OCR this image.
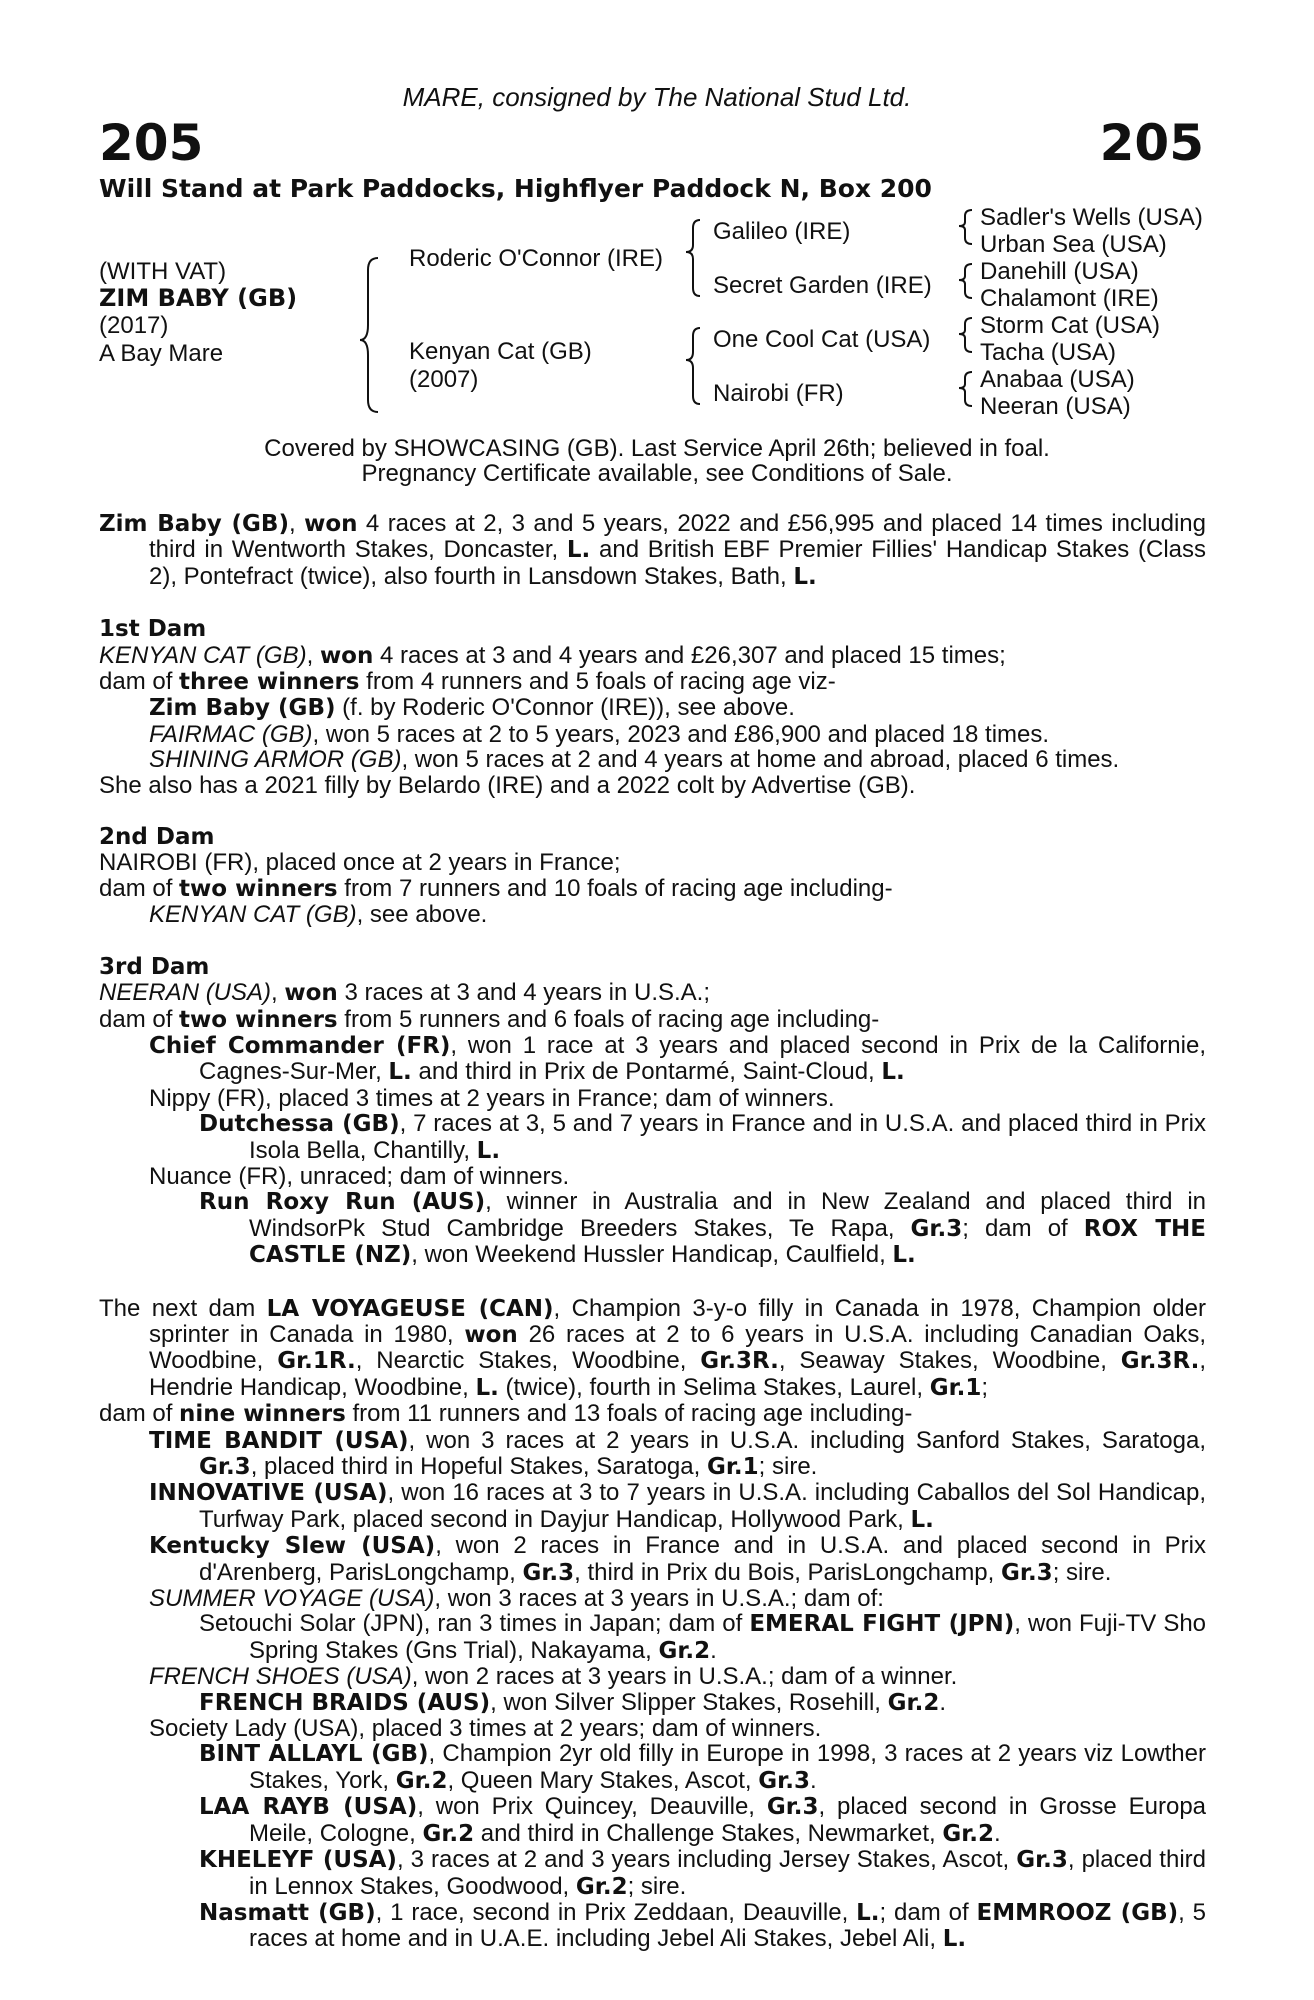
MARE, consigned by The National Stud Ltd.
205	205
Will Stand at Park Paddocks, Highflyer Paddock N, Box 200
(WITH VAT)
ZIM BABY (GB)
(2017)
A Bay Mare
Roderic O'Connor (IRE)
Kenyan Cat (GB)
(2007)
Galileo (IRE)
Secret Garden (IRE)
One Cool Cat (USA)
Nairobi (FR)
Sadler's Wells (USA)
Urban Sea (USA)
Danehill (USA)
Chalamont (IRE)
Storm Cat (USA)
Tacha (USA)
Anabaa (USA)
Neeran (USA)
Covered by SHOWCASING (GB). Last Service April 26th; believed in foal.
Pregnancy Certificate available, see Conditions of Sale.

Zim Baby (GB), won 4 races at 2, 3 and 5 years, 2022 and £56,995 and placed 14 times including third in Wentworth Stakes, Doncaster, L. and British EBF Premier Fillies' Handicap Stakes (Class 2), Pontefract (twice), also fourth in Lansdown Stakes, Bath, L.

1st Dam

KENYAN CAT (GB), won 4 races at 3 and 4 years and £26,307 and placed 15 times;

dam of three winners from 4 runners and 5 foals of racing age viz-

Zim Baby (GB) (f. by Roderic O'Connor (IRE)), see above.

FAIRMAC (GB), won 5 races at 2 to 5 years, 2023 and £86,900 and placed 18 times.

SHINING ARMOR (GB), won 5 races at 2 and 4 years at home and abroad, placed 6 times.

She also has a 2021 filly by Belardo (IRE) and a 2022 colt by Advertise (GB).

2nd Dam

NAIROBI (FR), placed once at 2 years in France;

dam of two winners from 7 runners and 10 foals of racing age including-

KENYAN CAT (GB), see above.

3rd Dam

NEERAN (USA), won 3 races at 3 and 4 years in U.S.A.;

dam of two winners from 5 runners and 6 foals of racing age including-

Chief Commander (FR), won 1 race at 3 years and placed second in Prix de la Californie, Cagnes-Sur-Mer, L. and third in Prix de Pontarmé, Saint-Cloud, L.

Nippy (FR), placed 3 times at 2 years in France; dam of winners.

Dutchessa (GB), 7 races at 3, 5 and 7 years in France and in U.S.A. and placed third in Prix Isola Bella, Chantilly, L.

Nuance (FR), unraced; dam of winners.

Run Roxy Run (AUS), winner in Australia and in New Zealand and placed third in WindsorPk Stud Cambridge Breeders Stakes, Te Rapa, Gr.3; dam of ROX THE CASTLE (NZ), won Weekend Hussler Handicap, Caulfield, L.

The next dam LA VOYAGEUSE (CAN), Champion 3-y-o filly in Canada in 1978, Champion older sprinter in Canada in 1980, won 26 races at 2 to 6 years in U.S.A. including Canadian Oaks, Woodbine, Gr.1R., Nearctic Stakes, Woodbine, Gr.3R., Seaway Stakes, Woodbine, Gr.3R., Hendrie Handicap, Woodbine, L. (twice), fourth in Selima Stakes, Laurel, Gr.1;

dam of nine winners from 11 runners and 13 foals of racing age including-

TIME BANDIT (USA), won 3 races at 2 years in U.S.A. including Sanford Stakes, Saratoga, Gr.3, placed third in Hopeful Stakes, Saratoga, Gr.1; sire.

INNOVATIVE (USA), won 16 races at 3 to 7 years in U.S.A. including Caballos del Sol Handicap, Turfway Park, placed second in Dayjur Handicap, Hollywood Park, L.

Kentucky Slew (USA), won 2 races in France and in U.S.A. and placed second in Prix d'Arenberg, ParisLongchamp, Gr.3, third in Prix du Bois, ParisLongchamp, Gr.3; sire.

SUMMER VOYAGE (USA), won 3 races at 3 years in U.S.A.; dam of:

Setouchi Solar (JPN), ran 3 times in Japan; dam of EMERAL FIGHT (JPN), won Fuji-TV Sho Spring Stakes (Gns Trial), Nakayama, Gr.2.

FRENCH SHOES (USA), won 2 races at 3 years in U.S.A.; dam of a winner.

FRENCH BRAIDS (AUS), won Silver Slipper Stakes, Rosehill, Gr.2.

Society Lady (USA), placed 3 times at 2 years; dam of winners.

BINT ALLAYL (GB), Champion 2yr old filly in Europe in 1998, 3 races at 2 years viz Lowther Stakes, York, Gr.2, Queen Mary Stakes, Ascot, Gr.3.

LAA RAYB (USA), won Prix Quincey, Deauville, Gr.3, placed second in Grosse Europa Meile, Cologne, Gr.2 and third in Challenge Stakes, Newmarket, Gr.2.

KHELEYF (USA), 3 races at 2 and 3 years including Jersey Stakes, Ascot, Gr.3, placed third in Lennox Stakes, Goodwood, Gr.2; sire.

Nasmatt (GB), 1 race, second in Prix Zeddaan, Deauville, L.; dam of EMMROOZ (GB), 5 races at home and in U.A.E. including Jebel Ali Stakes, Jebel Ali, L.
